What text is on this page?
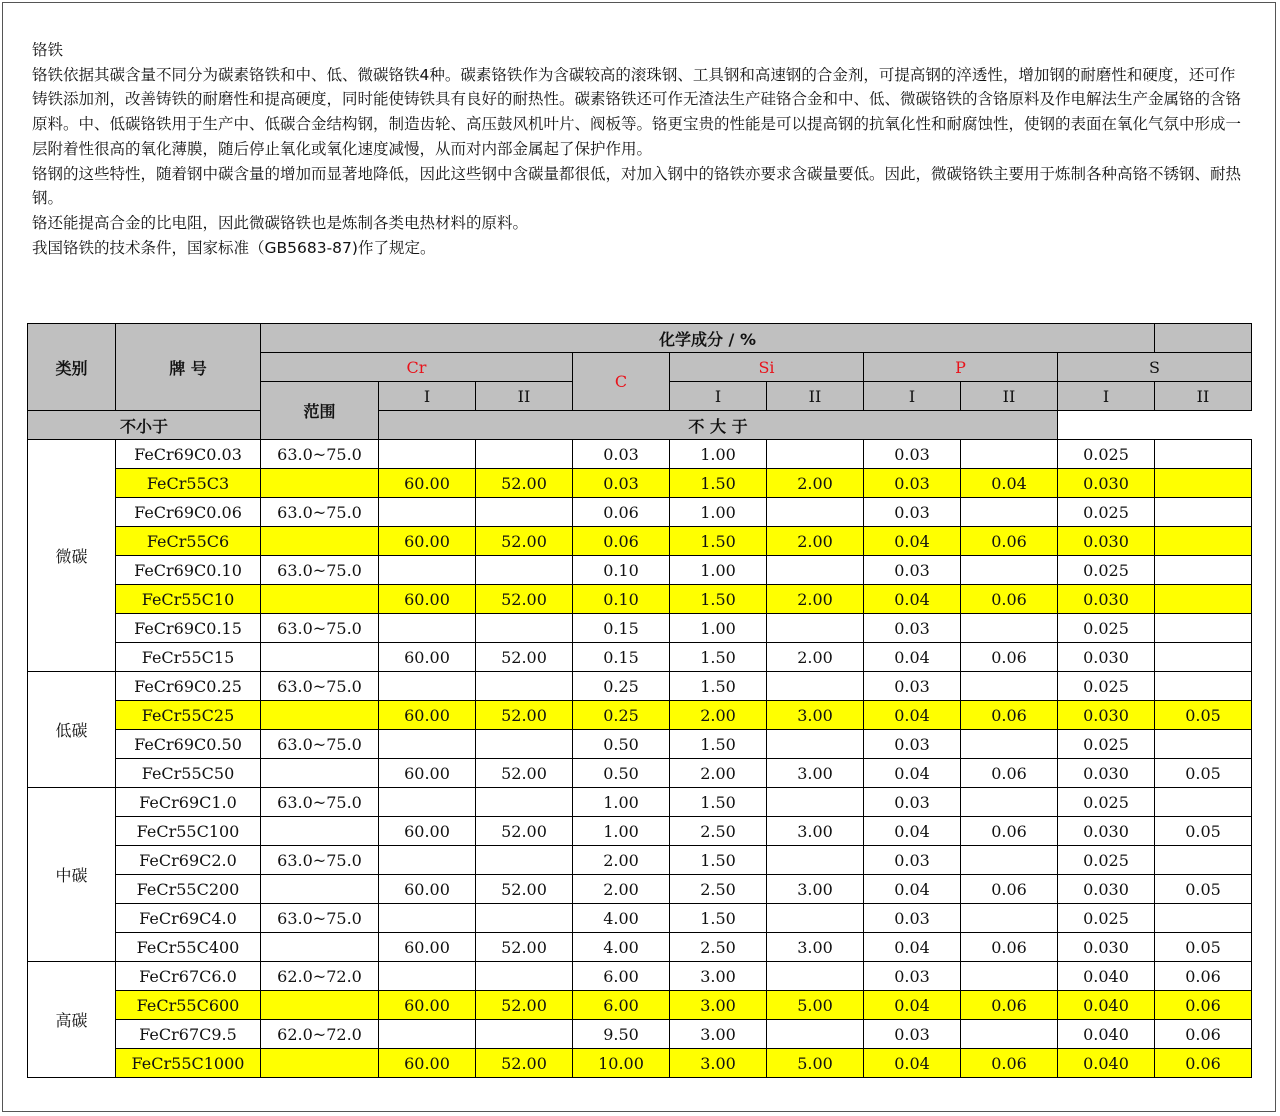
铬铁

铬铁依据其碳含量不同分为碳素铬铁和中、低、微碳铬铁4种。碳素铬铁作为含碳较高的滚珠钢、工具钢和高速钢的合金剂，可提高钢的淬透性，增加钢的耐磨性和硬度，还可作铸铁添加剂，改善铸铁的耐磨性和提高硬度，同时能使铸铁具有良好的耐热性。碳素铬铁还可作无渣法生产硅铬合金和中、低、微碳铬铁的含铬原料及作电解法生产金属铬的含铬原料。中、低碳铬铁用于生产中、低碳合金结构钢，制造齿轮、高压鼓风机叶片、阀板等。铬更宝贵的性能是可以提高钢的抗氧化性和耐腐蚀性，使钢的表面在氧化气氛中形成一层附着性很高的氧化薄膜，随后停止氧化或氧化速度减慢，从而对内部金属起了保护作用。

铬钢的这些特性，随着钢中碳含量的增加而显著地降低，因此这些钢中含碳量都很低，对加入钢中的铬铁亦要求含碳量要低。因此，微碳铬铁主要用于炼制各种高铬不锈钢、耐热钢。

铬还能提高合金的比电阻，因此微碳铬铁也是炼制各类电热材料的原料。

我国铬铁的技术条件，国家标准（GB5683-87)作了规定。

类别	牌 号	化学成分 / %									
		Cr			C	Si		P		S	
		范围	I	II		I	II	I	II	I	II
不小于			不 大 于								
微碳	FeCr69C0.03	63.0~75.0			0.03	1.00		0.03		0.025	
	FeCr55C3		60.00	52.00	0.03	1.50	2.00	0.03	0.04	0.030	
	FeCr69C0.06	63.0~75.0			0.06	1.00		0.03		0.025	
	FeCr55C6		60.00	52.00	0.06	1.50	2.00	0.04	0.06	0.030	
	FeCr69C0.10	63.0~75.0			0.10	1.00		0.03		0.025	
	FeCr55C10		60.00	52.00	0.10	1.50	2.00	0.04	0.06	0.030	
	FeCr69C0.15	63.0~75.0			0.15	1.00		0.03		0.025	
	FeCr55C15		60.00	52.00	0.15	1.50	2.00	0.04	0.06	0.030	
低碳	FeCr69C0.25	63.0~75.0			0.25	1.50		0.03		0.025	
	FeCr55C25		60.00	52.00	0.25	2.00	3.00	0.04	0.06	0.030	0.05
	FeCr69C0.50	63.0~75.0			0.50	1.50		0.03		0.025	
	FeCr55C50		60.00	52.00	0.50	2.00	3.00	0.04	0.06	0.030	0.05
中碳	FeCr69C1.0	63.0~75.0			1.00	1.50		0.03		0.025	
	FeCr55C100		60.00	52.00	1.00	2.50	3.00	0.04	0.06	0.030	0.05
	FeCr69C2.0	63.0~75.0			2.00	1.50		0.03		0.025	
	FeCr55C200		60.00	52.00	2.00	2.50	3.00	0.04	0.06	0.030	0.05
	FeCr69C4.0	63.0~75.0			4.00	1.50		0.03		0.025	
	FeCr55C400		60.00	52.00	4.00	2.50	3.00	0.04	0.06	0.030	0.05
高碳	FeCr67C6.0	62.0~72.0			6.00	3.00		0.03		0.040	0.06
	FeCr55C600		60.00	52.00	6.00	3.00	5.00	0.04	0.06	0.040	0.06
	FeCr67C9.5	62.0~72.0			9.50	3.00		0.03		0.040	0.06
	FeCr55C1000		60.00	52.00	10.00	3.00	5.00	0.04	0.06	0.040	0.06
